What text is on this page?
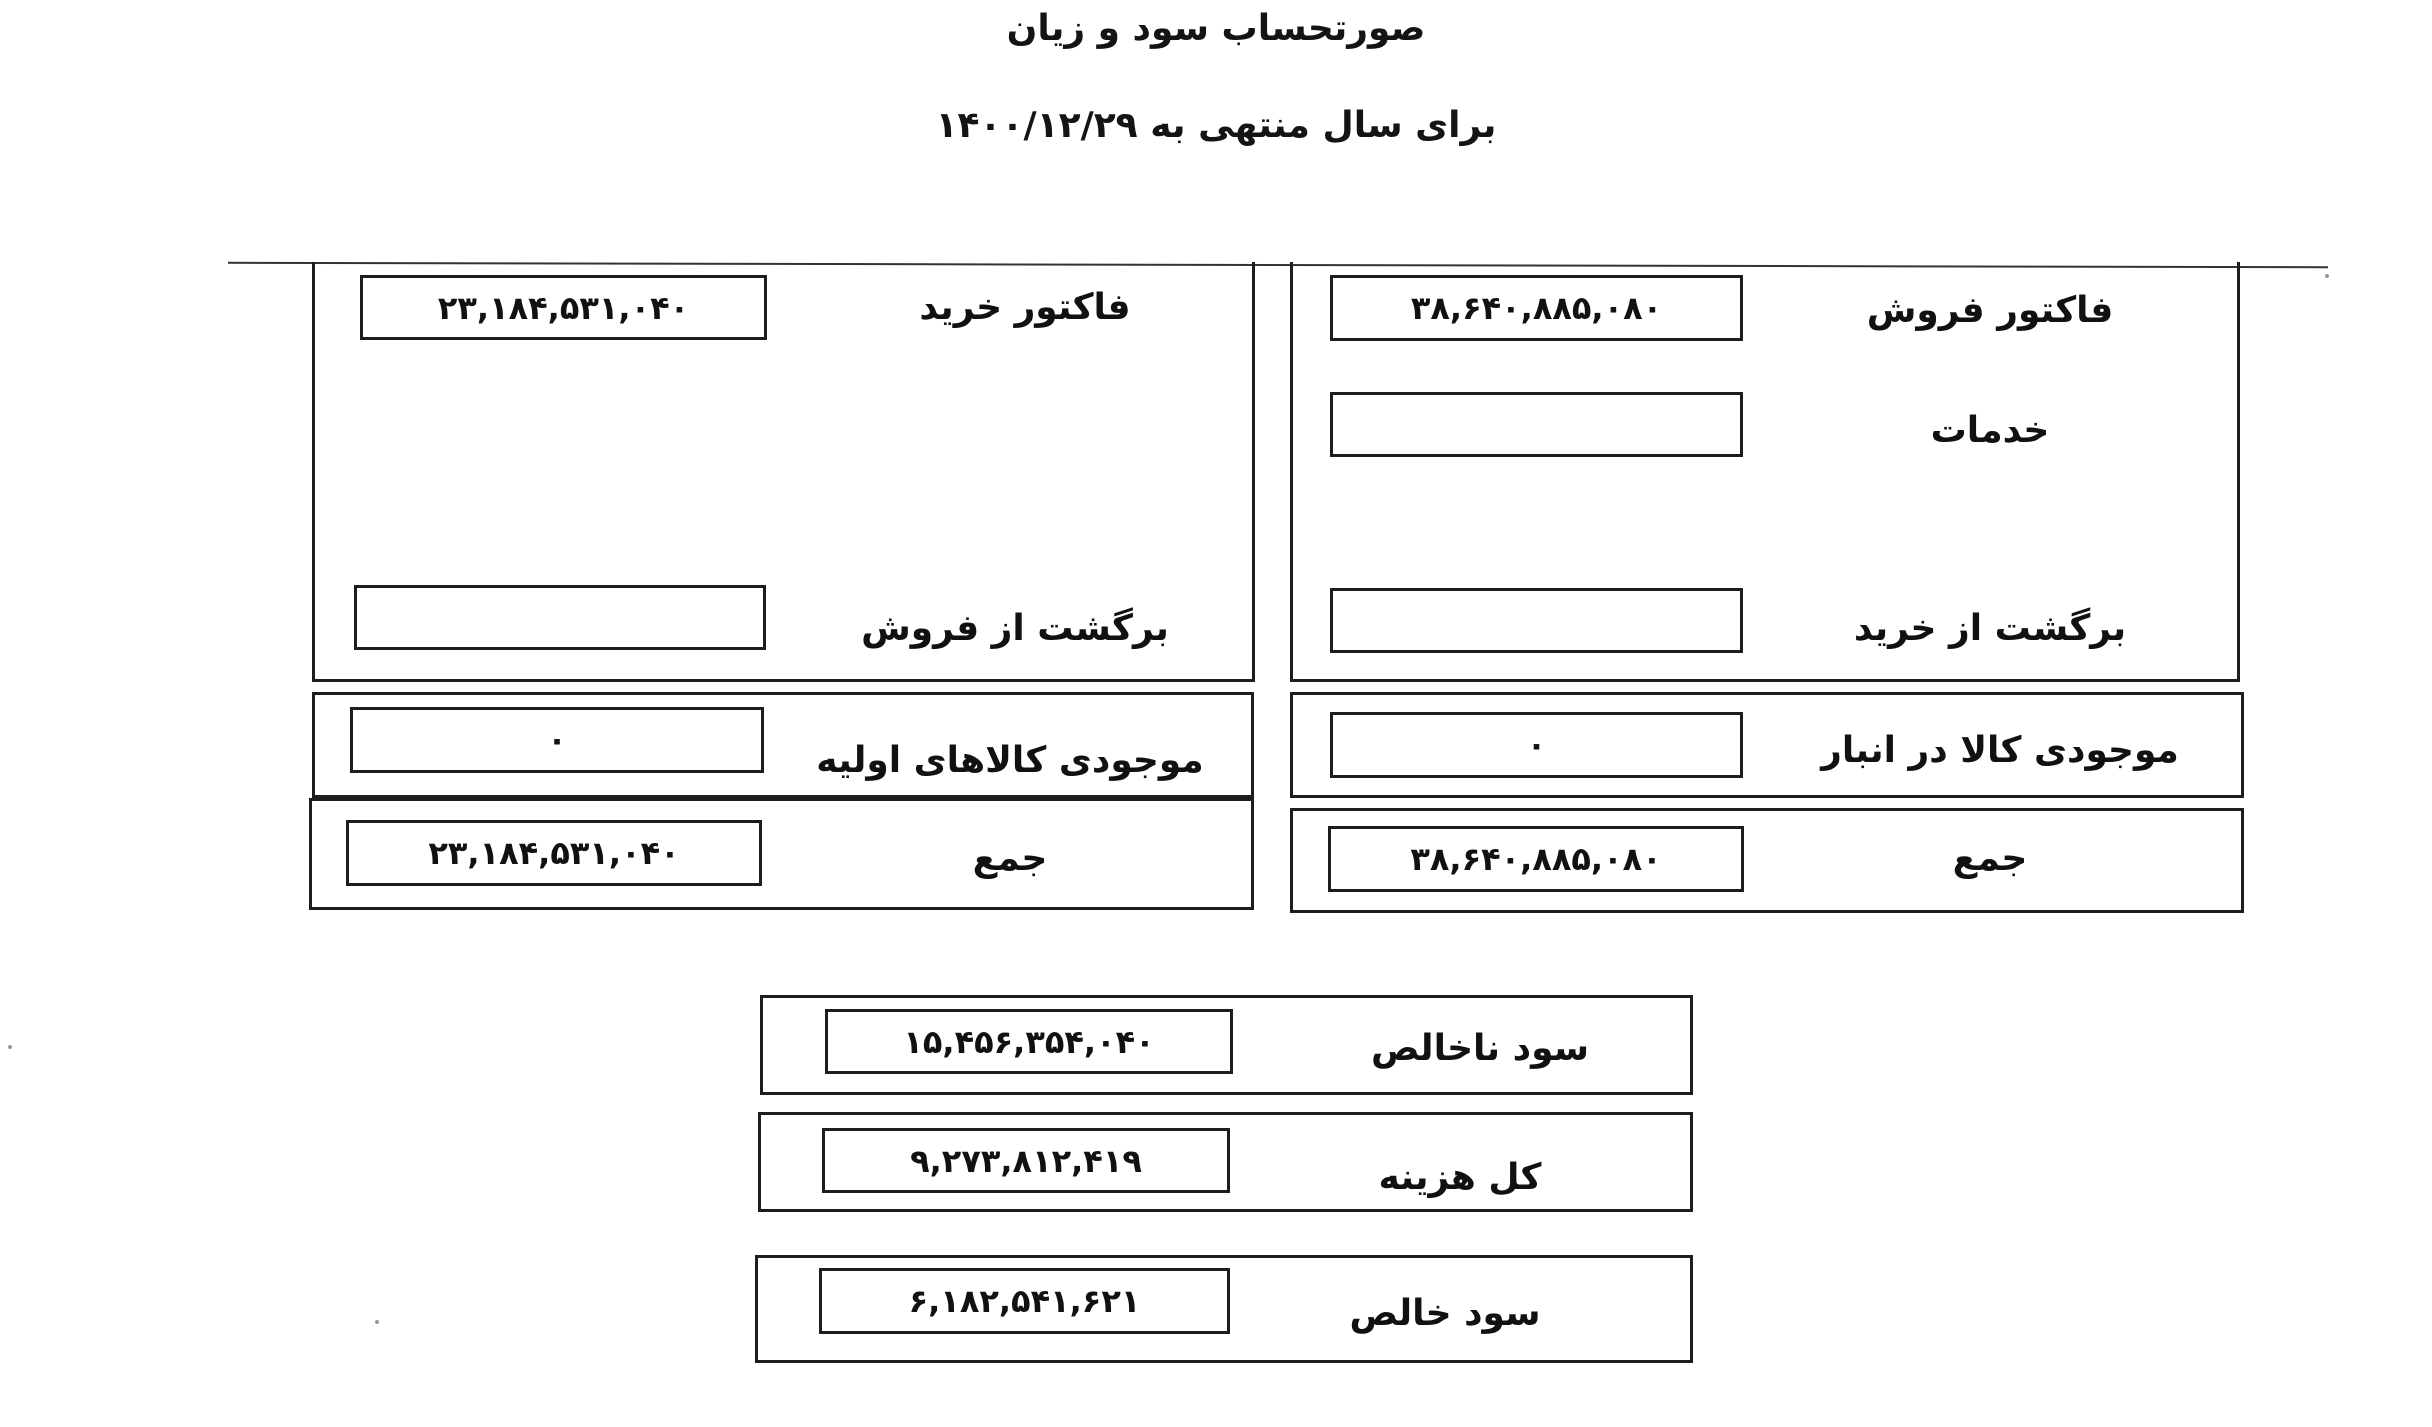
صورتحساب سود و زیان
برای سال منتهی به ۱۴۰۰/۱۲/۲۹
فاکتور فروش
۳۸,۶۴۰,۸۸۵,۰۸۰
خدمات
برگشت از خرید
فاکتور خرید
۲۳,۱۸۴,۵۳۱,۰۴۰
برگشت از فروش
موجودی کالا در انبار
۰
موجودی کالاهای اولیه
۰
جمع
۳۸,۶۴۰,۸۸۵,۰۸۰
جمع
۲۳,۱۸۴,۵۳۱,۰۴۰
سود ناخالص
۱۵,۴۵۶,۳۵۴,۰۴۰
کل هزینه
۹,۲۷۳,۸۱۲,۴۱۹
سود خالص
۶,۱۸۲,۵۴۱,۶۲۱
